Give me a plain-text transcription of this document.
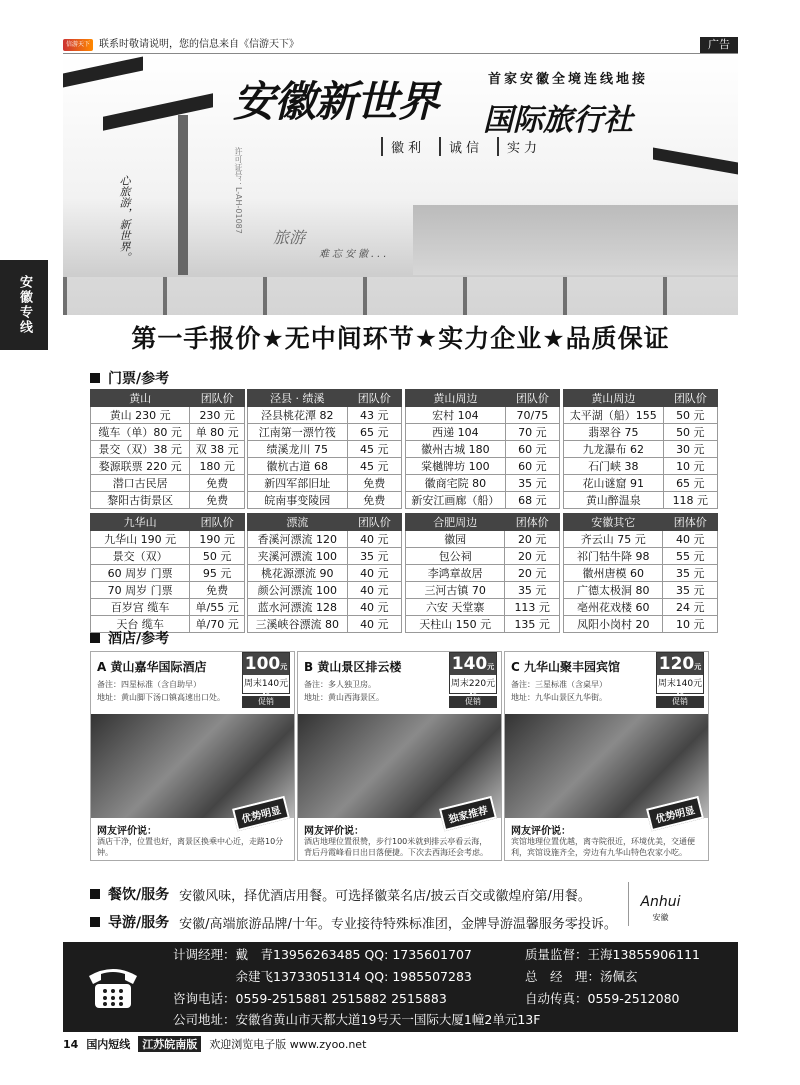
信游天下 联系时敬请说明，您的信息来自《信游天下》	广告
安徽专线
首家安徽全境连线地接
安徽新世界 国际旅行社
徽利	诚信	实力
许可证号：L-AH-01087
心旅游，新世界。	旅游
难忘安徽...
第一手报价★无中间环节★实力企业★品质保证
门票/参考
黄山	团队价
黄山 230 元	230 元
缆车（单）80 元	单 80 元
景交（双）38 元	双 38 元
婺源联票 220 元	180 元
潜口古民居	免费
黎阳古街景区	免费
泾县 · 绩溪	团队价
泾县桃花潭 82	43 元
江南第一漂竹筏	65 元
绩溪龙川 75	45 元
徽杭古道 68	45 元
新四军部旧址	免费
皖南事变陵园	免费
黄山周边	团队价
宏村 104	70/75
西递 104	70 元
徽州古城 180	60 元
棠樾牌坊 100	60 元
徽商宅院 80	35 元
新安江画廊（船）	68 元
黄山周边	团队价
太平湖（船）155	50 元
翡翠谷 75	50 元
九龙瀑布 62	30 元
石门峡 38	10 元
花山谜窟 91	65 元
黄山醉温泉	118 元
九华山	团队价
九华山 190 元	190 元
景交（双）	50 元
60 周岁 门票	95 元
70 周岁 门票	免费
百岁宫 缆车	单/55 元
天台 缆车	单/70 元
漂流	团队价
香溪河漂流 120	40 元
夹溪河漂流 100	35 元
桃花源漂流 90	40 元
颜公河漂流 100	40 元
蓝水河漂流 128	40 元
三溪峡谷漂流 80	40 元
合肥周边	团体价
徽园	20 元
包公祠	20 元
李鸿章故居	20 元
三河古镇 70	35 元
六安 天堂寨	113 元
天柱山 150 元	135 元
安徽其它	团体价
齐云山 75 元	40 元
祁门牯牛降 98	55 元
徽州唐模 60	35 元
广德太极洞 80	35 元
亳州花戏楼 60	24 元
凤阳小岗村 20	10 元
酒店/参考
A 黄山嘉华国际酒店
备注：四星标准（含自助早）
地址：黄山脚下汤口镇高速出口处。
100元起
周末140元
促销
优势明显
网友评价说：
酒店干净，位置也好，离景区换乘中心近，走路10分钟。
B 黄山景区排云楼
备注：多人独卫房。
地址：黄山西海景区。
140元起
周末220元
促销
独家推荐
网友评价说：
酒店地理位置很赞，步行100米就到排云亭看云海，背后丹霞峰看日出日落便捷。下次去西海还会考虑。
C 九华山聚丰园宾馆
备注：三星标准（含桌早）
地址：九华山景区九华街。
120元起
周末140元
促销
优势明显
网友评价说：
宾馆地理位置优越，离寺院很近，环境优美，交通便利，宾馆设施齐全，旁边有九华山特色农家小吃。
餐饮/服务 安徽风味，择优酒店用餐。可选择徽菜名店/披云百交或徽煌府第/用餐。
导游/服务 安徽/高端旅游品牌/十年。专业接待特殊标准团，金牌导游温馨服务零投诉。
Anhui
安徽
计调经理：戴　青13956263485 QQ: 1735601707
　　　　　余建飞13733051314 QQ: 1985507283
咨询电话：0559-2515881 2515882 2515883
公司地址：安徽省黄山市天都大道19号天一国际大厦1幢2单元13F
质量监督：王海13855906111
总　经　理：汤佩玄
自动传真：0559-2512080
14 国内短线	江苏皖南版	欢迎浏览电子版 www.zyoo.net
